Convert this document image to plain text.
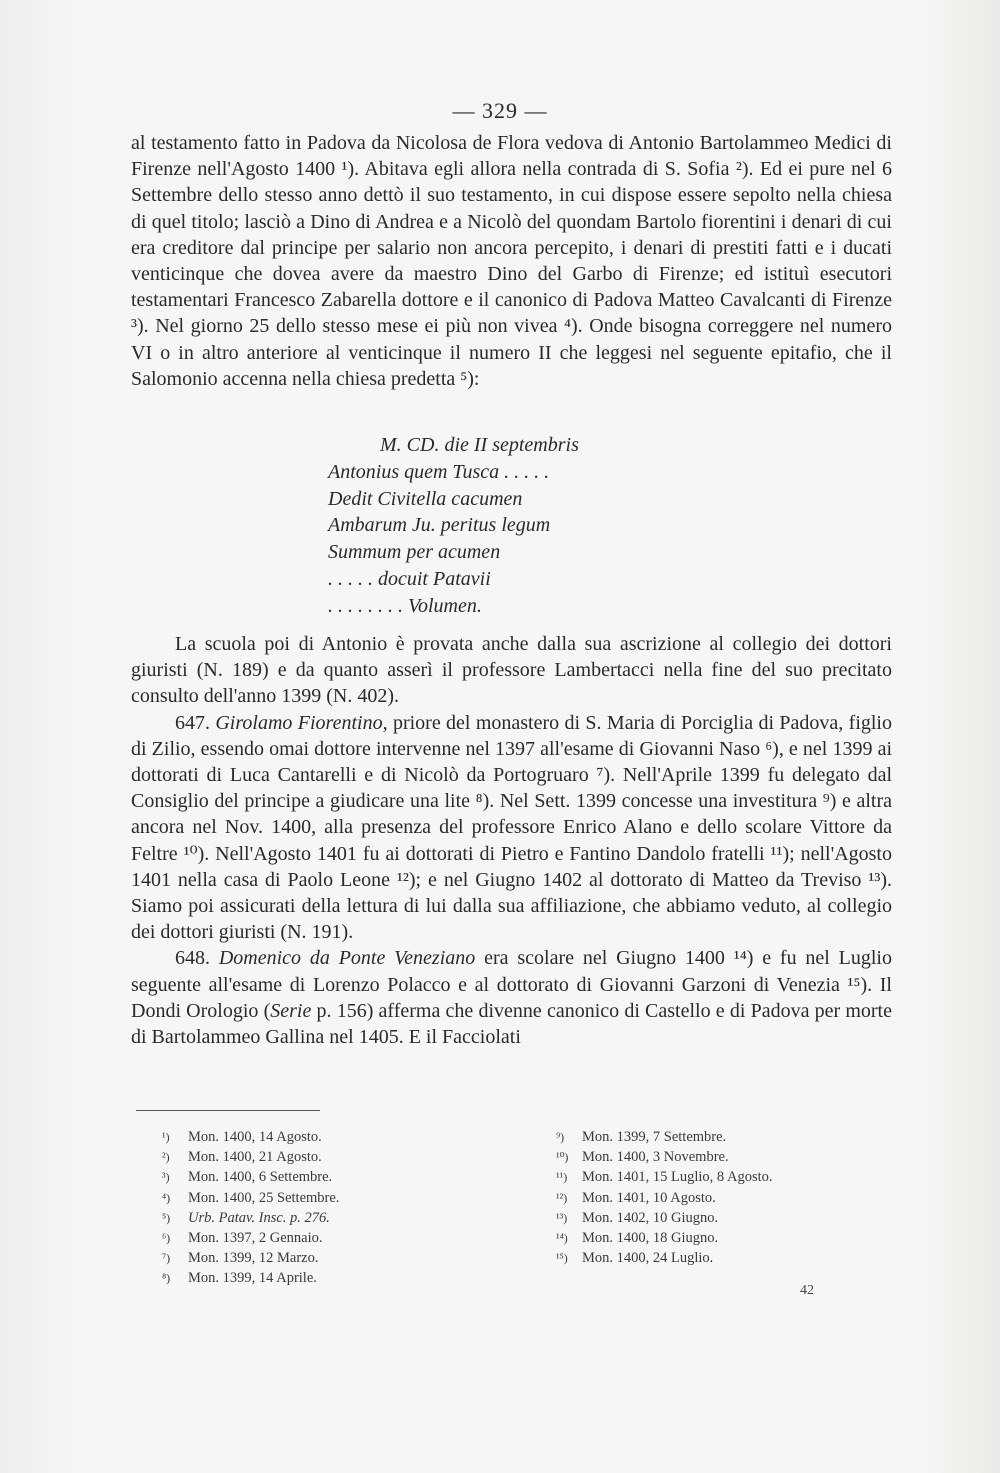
— 329 —

al testamento fatto in Padova da Nicolosa de Flora vedova di Antonio Bartolammeo Medici di Firenze nell'Agosto 1400 ¹). Abitava egli allora nella contrada di S. Sofia ²). Ed ei pure nel 6 Settembre dello stesso anno dettò il suo testamento, in cui dispose essere sepolto nella chiesa di quel titolo; lasciò a Dino di Andrea e a Nicolò del quondam Bartolo fiorentini i denari di cui era creditore dal principe per salario non ancora percepito, i denari di prestiti fatti e i ducati venticinque che dovea avere da maestro Dino del Garbo di Firenze; ed istituì esecutori testamentari Francesco Zabarella dottore e il canonico di Padova Matteo Cavalcanti di Firenze ³). Nel giorno 25 dello stesso mese ei più non vivea ⁴). Onde bisogna correggere nel numero VI o in altro anteriore al venticinque il numero II che leggesi nel seguente epitafio, che il Salomonio accenna nella chiesa predetta ⁵):

M. CD. die II septembris
Antonius quem Tusca . . . . .
Dedit Civitella cacumen
Ambarum Ju. peritus legum
Summum per acumen
. . . . . docuit Patavii
. . . . . . . . Volumen.

La scuola poi di Antonio è provata anche dalla sua ascrizione al collegio dei dottori giuristi (N. 189) e da quanto asserì il professore Lambertacci nella fine del suo precitato consulto dell'anno 1399 (N. 402).

647. Girolamo Fiorentino, priore del monastero di S. Maria di Porciglia di Padova, figlio di Zilio, essendo omai dottore intervenne nel 1397 all'esame di Giovanni Naso ⁶), e nel 1399 ai dottorati di Luca Cantarelli e di Nicolò da Portogruaro ⁷). Nell'Aprile 1399 fu delegato dal Consiglio del principe a giudicare una lite ⁸). Nel Sett. 1399 concesse una investitura ⁹) e altra ancora nel Nov. 1400, alla presenza del professore Enrico Alano e dello scolare Vittore da Feltre ¹⁰). Nell'Agosto 1401 fu ai dottorati di Pietro e Fantino Dandolo fratelli ¹¹); nell'Agosto 1401 nella casa di Paolo Leone ¹²); e nel Giugno 1402 al dottorato di Matteo da Treviso ¹³). Siamo poi assicurati della lettura di lui dalla sua affiliazione, che abbiamo veduto, al collegio dei dottori giuristi (N. 191).

648. Domenico da Ponte Veneziano era scolare nel Giugno 1400 ¹⁴) e fu nel Luglio seguente all'esame di Lorenzo Polacco e al dottorato di Giovanni Garzoni di Venezia ¹⁵). Il Dondi Orologio (Serie p. 156) afferma che divenne canonico di Castello e di Padova per morte di Bartolammeo Gallina nel 1405. E il Facciolati

¹) Mon. 1400, 14 Agosto.
²) Mon. 1400, 21 Agosto.
³) Mon. 1400, 6 Settembre.
⁴) Mon. 1400, 25 Settembre.
⁵) Urb. Patav. Insc. p. 276.
⁶) Mon. 1397, 2 Gennaio.
⁷) Mon. 1399, 12 Marzo.
⁸) Mon. 1399, 14 Aprile.
⁹) Mon. 1399, 7 Settembre.
¹⁰) Mon. 1400, 3 Novembre.
¹¹) Mon. 1401, 15 Luglio, 8 Agosto.
¹²) Mon. 1401, 10 Agosto.
¹³) Mon. 1402, 10 Giugno.
¹⁴) Mon. 1400, 18 Giugno.
¹⁵) Mon. 1400, 24 Luglio.
42
